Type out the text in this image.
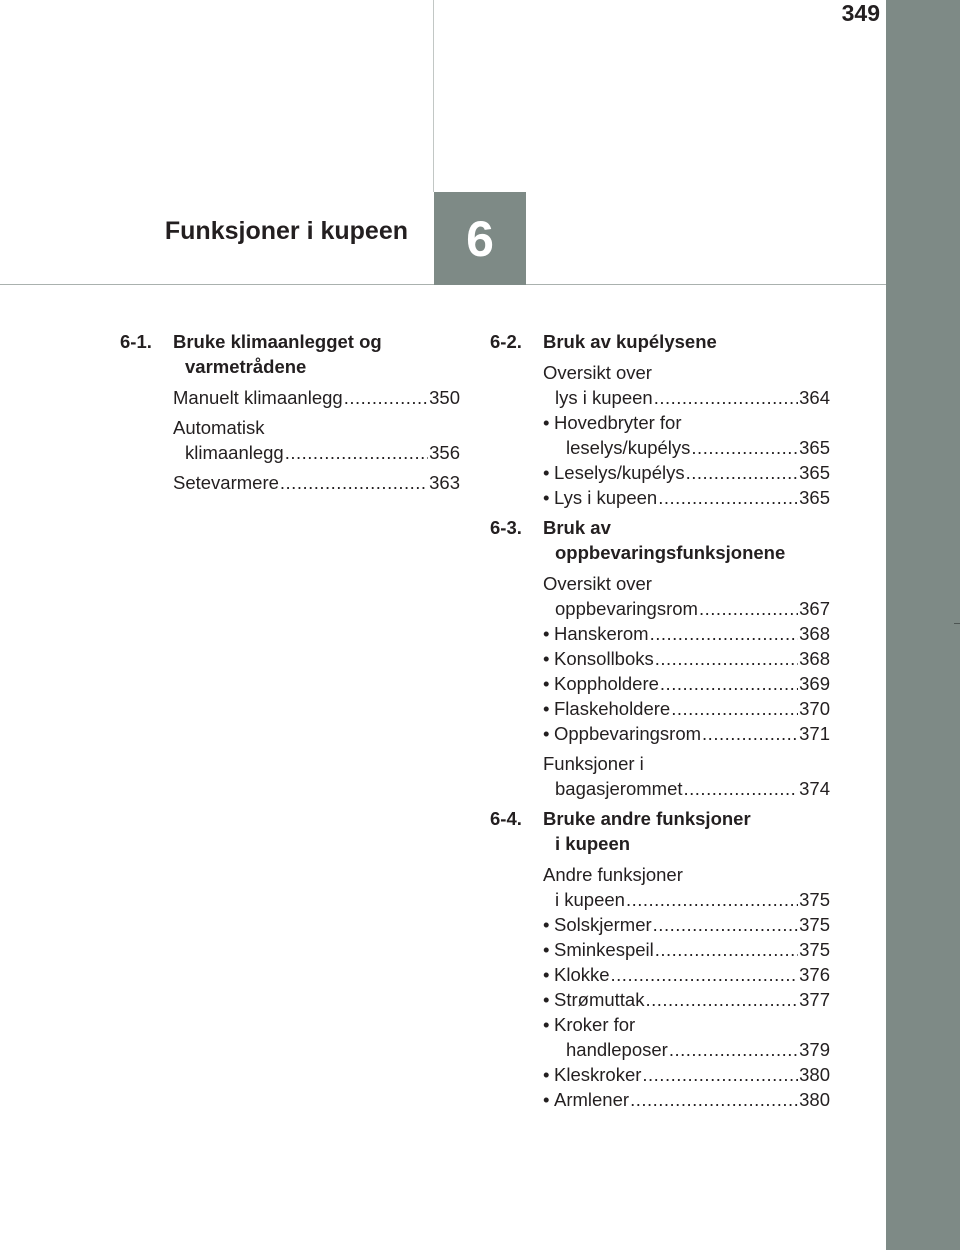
349
Funksjoner i kupeen	6
6-1. Bruke klimaanlegget og
varmetrådene
Manuelt klimaanlegg .....	350
Automatisk
klimaanlegg .....	356
Setevarmere .....	363
6-2. Bruk av kupélysene
Oversikt over
lys i kupeen .....	364
• Hovedbryter for
leselys/kupélys .....	365
• Leselys/kupélys .....	365
• Lys i kupeen .....	365
6-3. Bruk av
oppbevaringsfunksjonene
Oversikt over
oppbevaringsrom .....	367
• Hanskerom .....	368
• Konsollboks .....	368
• Koppholdere .....	369
• Flaskeholdere .....	370
• Oppbevaringsrom .....	371
Funksjoner i
bagasjerommet .....	374
6-4. Bruke andre funksjoner
i kupeen
Andre funksjoner
i kupeen .....	375
• Solskjermer .....	375
• Sminkespeil .....	375
• Klokke .....	376
• Strømuttak .....	377
• Kroker for
handleposer .....	379
• Kleskroker .....	380
• Armlener .....	380
